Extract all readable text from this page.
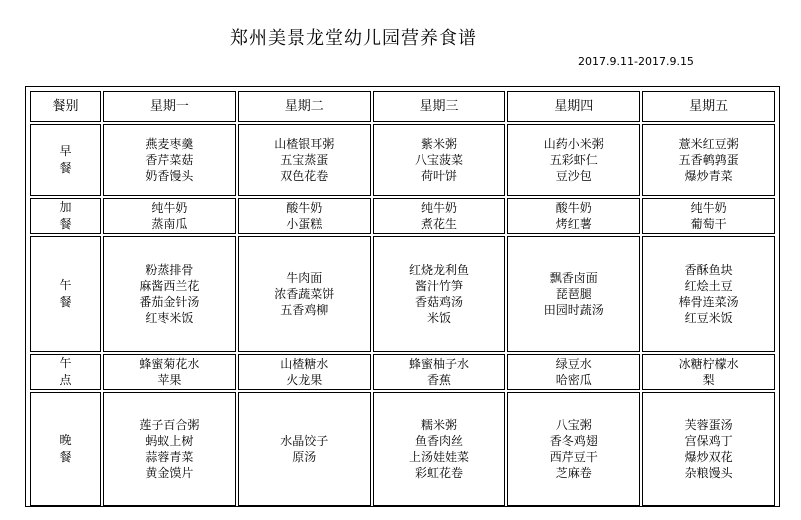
郑州美景龙堂幼儿园营养食谱
2017.9.11-2017.9.15
餐别	星期一	星期二	星期三	星期四	星期五

早餐	燕麦枣羹
香芹菜菇
奶香馒头	山楂银耳粥
五宝蒸蛋
双色花卷	紫米粥
八宝菠菜
荷叶饼	山药小米粥
五彩虾仁
豆沙包	薏米红豆粥
五香鹌鹑蛋
爆炒青菜

加餐	纯牛奶
蒸南瓜	酸牛奶
小蛋糕	纯牛奶
煮花生	酸牛奶
烤红薯	纯牛奶
葡萄干

午餐	粉蒸排骨
麻酱西兰花
番茄金针汤
红枣米饭	牛肉面
浓香蔬菜饼
五香鸡柳	红烧龙利鱼
酱汁竹笋
香菇鸡汤
米饭	飘香卤面
琵琶腿
田园时蔬汤	香酥鱼块
红烩土豆
棒骨连菜汤
红豆米饭

午点	蜂蜜菊花水
苹果	山楂糖水
火龙果	蜂蜜柚子水
香蕉	绿豆水
哈密瓜	冰糖柠檬水
梨

晚餐	莲子百合粥
蚂蚁上树
蒜蓉青菜
黄金馍片	水晶饺子
原汤	糯米粥
鱼香肉丝
上汤娃娃菜
彩虹花卷	八宝粥
香冬鸡翅
西芹豆干
芝麻卷	芙蓉蛋汤
宫保鸡丁
爆炒双花
杂粮馒头
